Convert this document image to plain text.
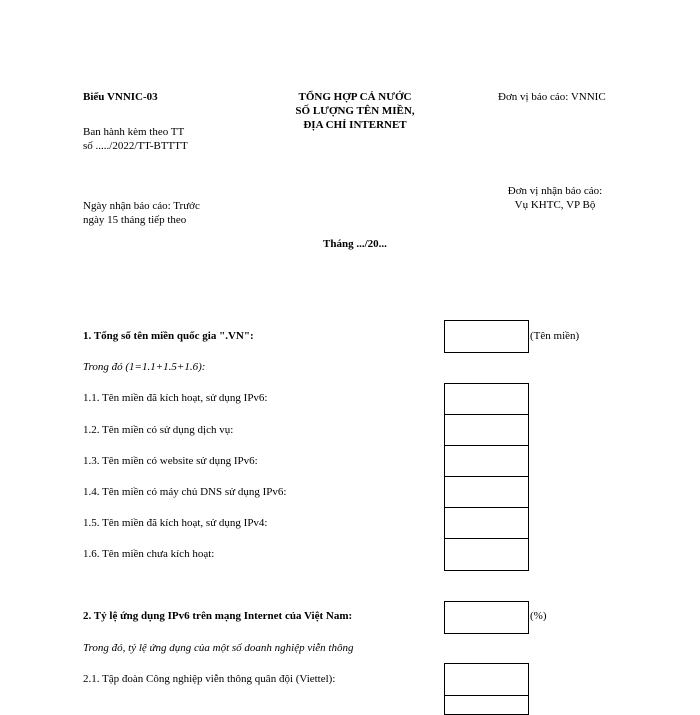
Biểu VNNIC-03
Ban hành kèm theo TT
số ...../2022/TT-BTTTT
TỔNG HỢP CẢ NƯỚC
SỐ LƯỢNG TÊN MIỀN,
ĐỊA CHỈ INTERNET
Đơn vị báo cáo: VNNIC
Đơn vị nhận báo cáo:
Vụ KHTC, VP Bộ
Ngày nhận báo cáo: Trước
ngày 15 tháng tiếp theo
Tháng .../20...
1. Tổng số tên miền quốc gia ".VN":	(Tên miền)
Trong đó (1=1.1+1.5+1.6):
1.1. Tên miền đã kích hoạt, sử dụng IPv6:
1.2. Tên miền có sử dụng dịch vụ:
1.3. Tên miền có website sử dụng IPv6:
1.4. Tên miền có máy chủ DNS sử dụng IPv6:
1.5. Tên miền đã kích hoạt, sử dụng IPv4:
1.6. Tên miền chưa kích hoạt:
2. Tỷ lệ ứng dụng IPv6 trên mạng Internet của Việt Nam:	(%)
Trong đó, tỷ lệ ứng dụng của một số doanh nghiệp viễn thông
2.1. Tập đoàn Công nghiệp viễn thông quân đội (Viettel):
